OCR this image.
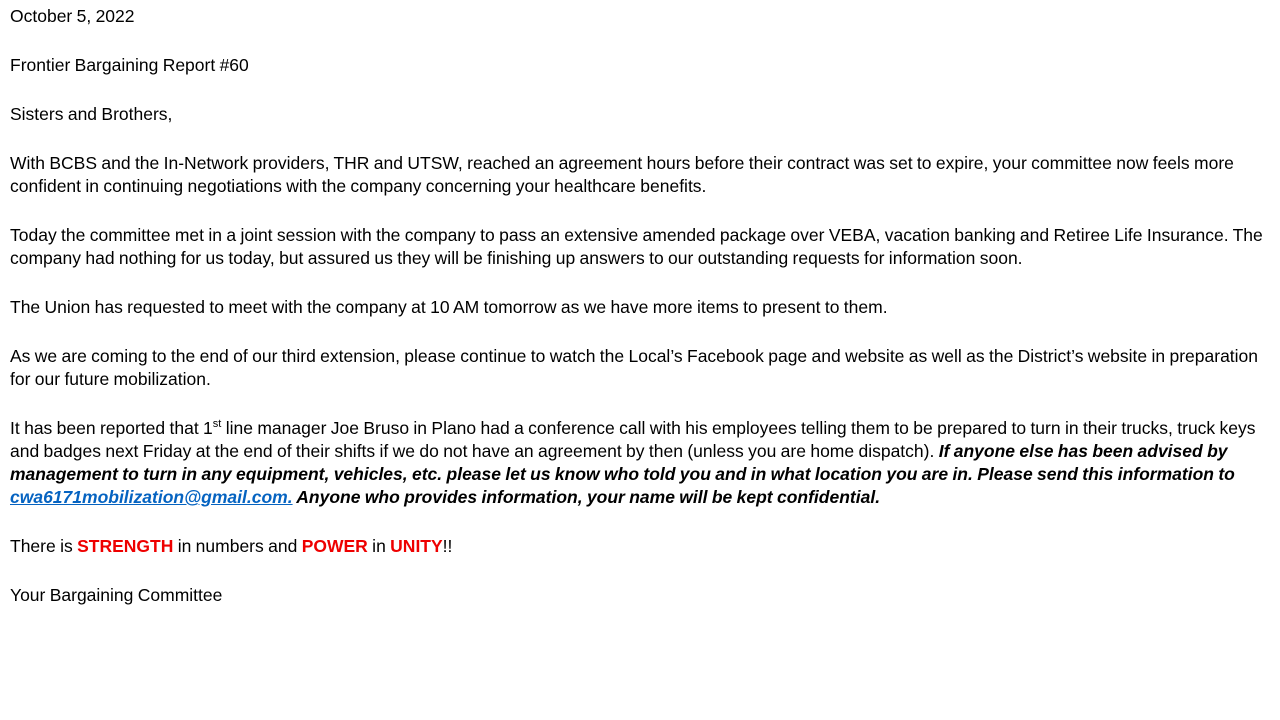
October 5, 2022

Frontier Bargaining Report #60

Sisters and Brothers,

With BCBS and the In-Network providers, THR and UTSW, reached an agreement hours before their contract was set to expire, your committee now feels more confident in continuing negotiations with the company concerning your healthcare benefits.

Today the committee met in a joint session with the company to pass an extensive amended package over VEBA, vacation banking and Retiree Life Insurance. The company had nothing for us today, but assured us they will be finishing up answers to our outstanding requests for information soon.

The Union has requested to meet with the company at 10 AM tomorrow as we have more items to present to them.

As we are coming to the end of our third extension, please continue to watch the Local’s Facebook page and website as well as the District’s website in preparation for our future mobilization.

It has been reported that 1st line manager Joe Bruso in Plano had a conference call with his employees telling them to be prepared to turn in their trucks, truck keys and badges next Friday at the end of their shifts if we do not have an agreement by then (unless you are home dispatch). If anyone else has been advised by management to turn in any equipment, vehicles, etc. please let us know who told you and in what location you are in. Please send this information to cwa6171mobilization@gmail.com. Anyone who provides information, your name will be kept confidential.

There is STRENGTH in numbers and POWER in UNITY!!

Your Bargaining Committee
